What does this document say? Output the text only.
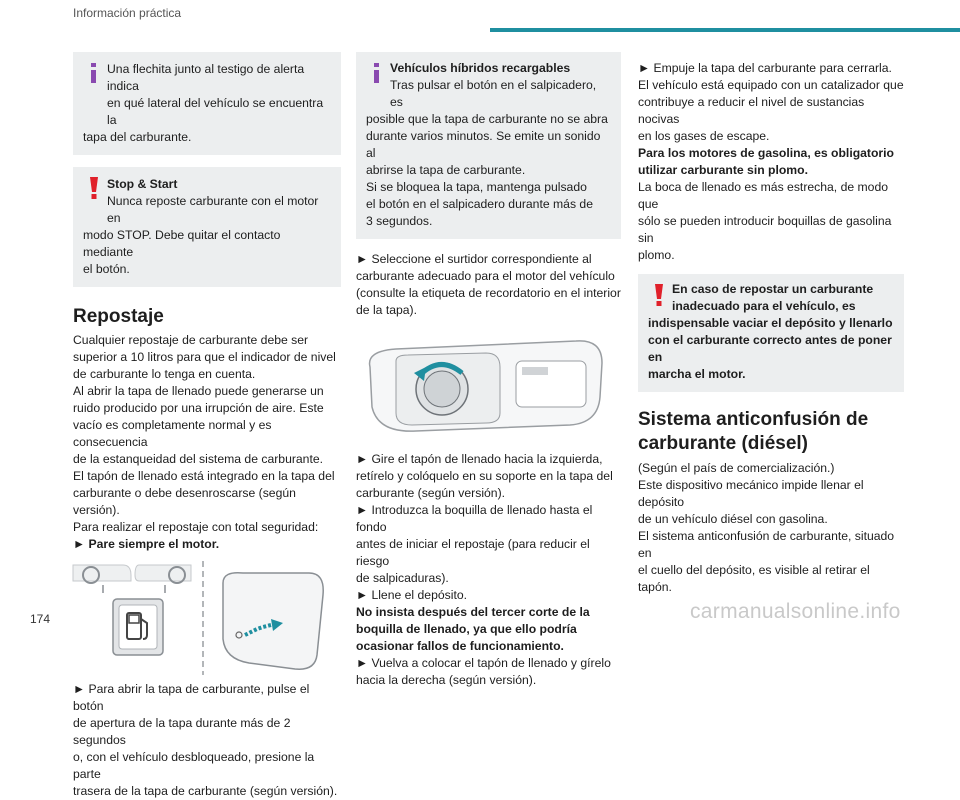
Información práctica

Una flechita junto al testigo de alerta indica

en qué lateral del vehículo se encuentra la

tapa del carburante.

Stop & Start

Nunca reposte carburante con el motor en

modo STOP. Debe quitar el contacto mediante

el botón.

Repostaje

Cualquier repostaje de carburante debe ser

superior a 10 litros para que el indicador de nivel

de carburante lo tenga en cuenta.

Al abrir la tapa de llenado puede generarse un

ruido producido por una irrupción de aire. Este

vacío es completamente normal y es consecuencia

de la estanqueidad del sistema de carburante.

El tapón de llenado está integrado en la tapa del

carburante o debe desenroscarse (según versión).

Para realizar el repostaje con total seguridad:

► Pare siempre el motor.

► Para abrir la tapa de carburante, pulse el botón

de apertura de la tapa durante más de 2 segundos

o, con el vehículo desbloqueado, presione la parte

trasera de la tapa de carburante (según versión).

Vehículos híbridos recargables

Tras pulsar el botón en el salpicadero, es

posible que la tapa de carburante no se abra

durante varios minutos. Se emite un sonido al

abrirse la tapa de carburante.

Si se bloquea la tapa, mantenga pulsado

el botón en el salpicadero durante más de

3 segundos.

► Seleccione el surtidor correspondiente al

carburante adecuado para el motor del vehículo

(consulte la etiqueta de recordatorio en el interior

de la tapa).

► Gire el tapón de llenado hacia la izquierda,

retírelo y colóquelo en su soporte en la tapa del

carburante (según versión).

► Introduzca la boquilla de llenado hasta el fondo

antes de iniciar el repostaje (para reducir el riesgo

de salpicaduras).

► Llene el depósito.

No insista después del tercer corte de la

boquilla de llenado, ya que ello podría

ocasionar fallos de funcionamiento.

► Vuelva a colocar el tapón de llenado y gírelo

hacia la derecha (según versión).

► Empuje la tapa del carburante para cerrarla.

El vehículo está equipado con un catalizador que

contribuye a reducir el nivel de sustancias nocivas

en los gases de escape.

Para los motores de gasolina, es obligatorio

utilizar carburante sin plomo.

La boca de llenado es más estrecha, de modo que

sólo se pueden introducir boquillas de gasolina sin

plomo.

En caso de repostar un carburante

inadecuado para el vehículo, es

indispensable vaciar el depósito y llenarlo

con el carburante correcto antes de poner en

marcha el motor.

Sistema anticonfusión de
carburante (diésel)

(Según el país de comercialización.)

Este dispositivo mecánico impide llenar el depósito

de un vehículo diésel con gasolina.

El sistema anticonfusión de carburante, situado en

el cuello del depósito, es visible al retirar el tapón.

174	carmanualsonline.info
